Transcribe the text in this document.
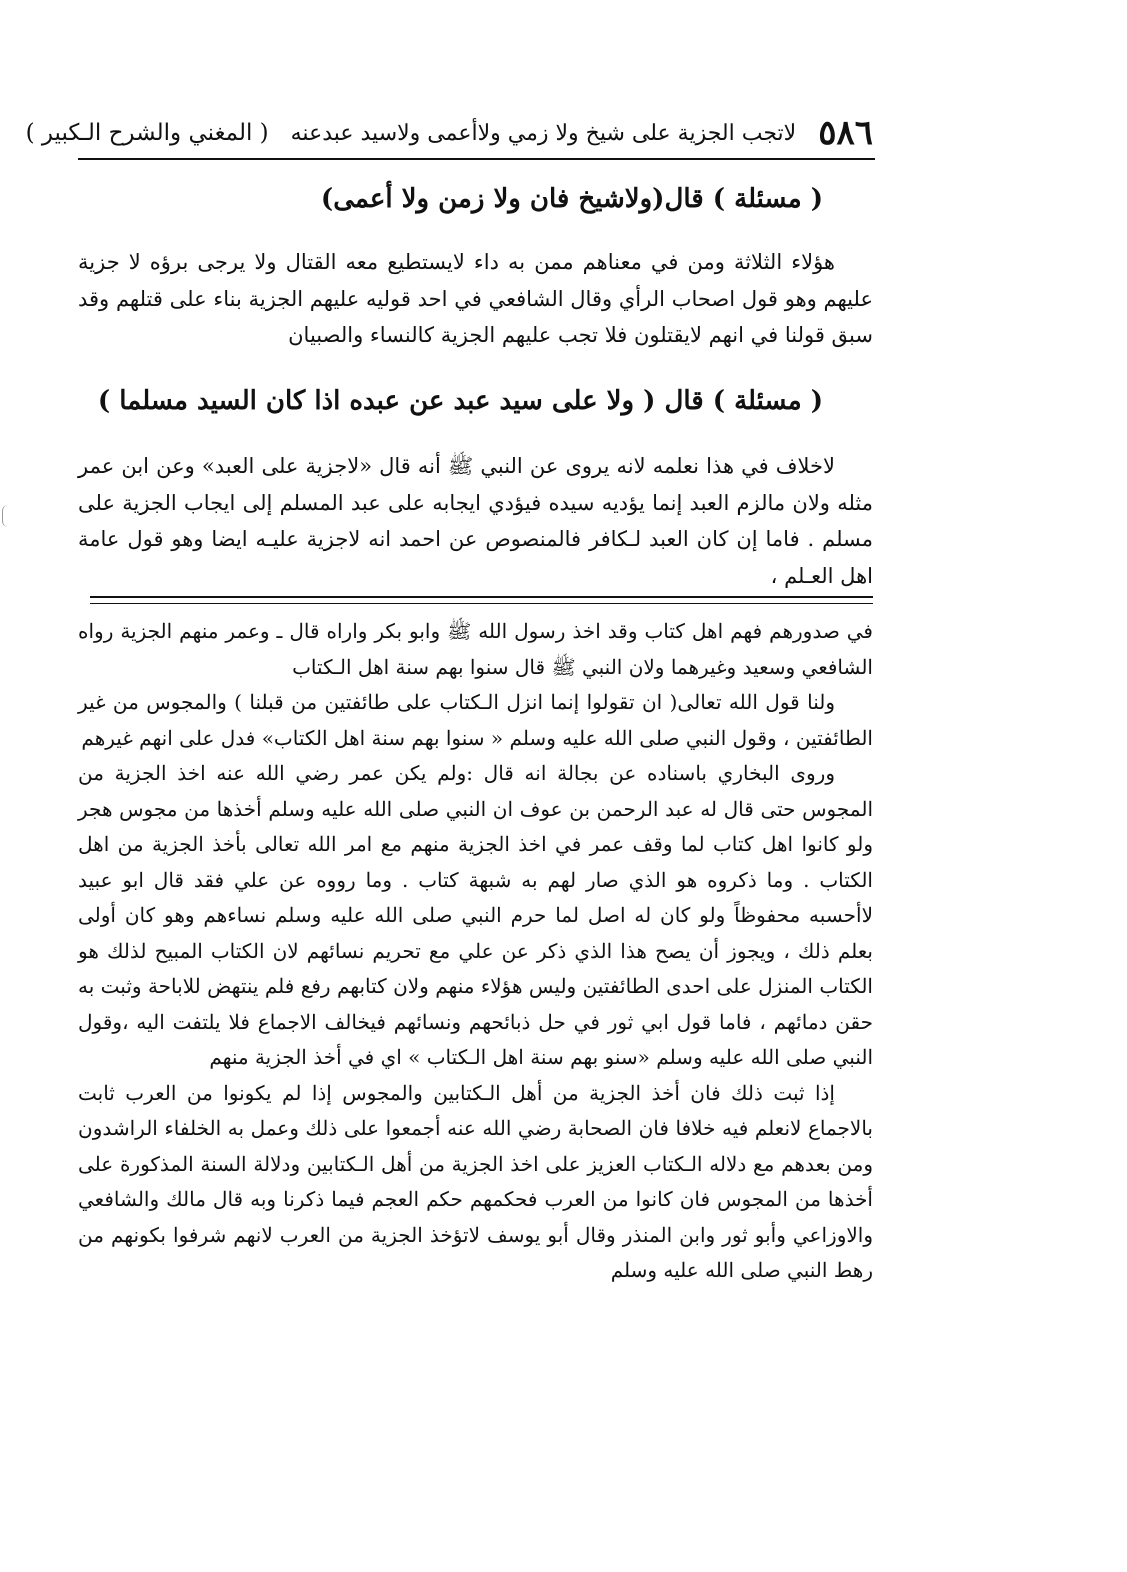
٥٨٦
لاتجب الجزية على شيخ ولا زمي ولاأعمى ولاسيد عبدعنه
( المغني والشرح الـكبير )
( مسئلة ) قال(ولاشيخ فان ولا زمن ولا أعمى)

هؤلاء الثلاثة ومن في معناهم ممن به داء لايستطيع معه القتال ولا يرجى برؤه لا جزية عليهم وهو قول اصحاب الرأي وقال الشافعي في احد قوليه عليهم الجزية بناء على قتلهم وقد سبق قولنا في انهم لايقتلون فلا تجب عليهم الجزية كالنساء والصبيان

( مسئلة ) قال ( ولا على سيد عبد عن عبده اذا كان السيد مسلما )

لاخلاف في هذا نعلمه لانه يروى عن النبي ﷺ أنه قال «لاجزية على العبد» وعن ابن عمر مثله ولان مالزم العبد إنما يؤديه سيده فيؤدي ايجابه على عبد المسلم إلى ايجاب الجزية على مسلم . فاما إن كان العبد لـكافر فالمنصوص عن احمد انه لاجزية عليـه ايضا وهو قول عامة اهل العـلم ،

في صدورهم فهم اهل كتاب وقد اخذ رسول الله ﷺ وابو بكر واراه قال ـ وعمر منهم الجزية رواه الشافعي وسعيد وغيرهما ولان النبي ﷺ قال سنوا بهم سنة اهل الـكتاب

ولنا قول الله تعالى( ان تقولوا إنما انزل الـكتاب على طائفتين من قبلنا ) والمجوس من غير الطائفتين ، وقول النبي صلى الله عليه وسلم « سنوا بهم سنة اهل الكتاب» فدل على انهم غيرهم

وروى البخاري باسناده عن بجالة انه قال :ولم يكن عمر رضي الله عنه اخذ الجزية من المجوس حتى قال له عبد الرحمن بن عوف ان النبي صلى الله عليه وسلم أخذها من مجوس هجر ولو كانوا اهل كتاب لما وقف عمر في اخذ الجزية منهم مع امر الله تعالى بأخذ الجزية من اهل الكتاب . وما ذكروه هو الذي صار لهم به شبهة كتاب . وما رووه عن علي فقد قال ابو عبيد لاأحسبه محفوظاً ولو كان له اصل لما حرم النبي صلى الله عليه وسلم نساءهم وهو كان أولى بعلم ذلك ، ويجوز أن يصح هذا الذي ذكر عن علي مع تحريم نسائهم لان الكتاب المبيح لذلك هو الكتاب المنزل على احدى الطائفتين وليس هؤلاء منهم ولان كتابهم رفع فلم ينتهض للاباحة وثبت به حقن دمائهم ، فاما قول ابي ثور في حل ذبائحهم ونسائهم فيخالف الاجماع فلا يلتفت اليه ،وقول النبي صلى الله عليه وسلم «سنو بهم سنة اهل الـكتاب » اي في أخذ الجزية منهم

إذا ثبت ذلك فان أخذ الجزية من أهل الـكتابين والمجوس إذا لم يكونوا من العرب ثابت بالاجماع لانعلم فيه خلافا فان الصحابة رضي الله عنه أجمعوا على ذلك وعمل به الخلفاء الراشدون ومن بعدهم مع دلاله الـكتاب العزيز على اخذ الجزية من أهل الـكتابين ودلالة السنة المذكورة على أخذها من المجوس فان كانوا من العرب فحكمهم حكم العجم فيما ذكرنا وبه قال مالك والشافعي والاوزاعي وأبو ثور وابن المنذر وقال أبو يوسف لاتؤخذ الجزية من العرب لانهم شرفوا بكونهم من رهط النبي صلى الله عليه وسلم
